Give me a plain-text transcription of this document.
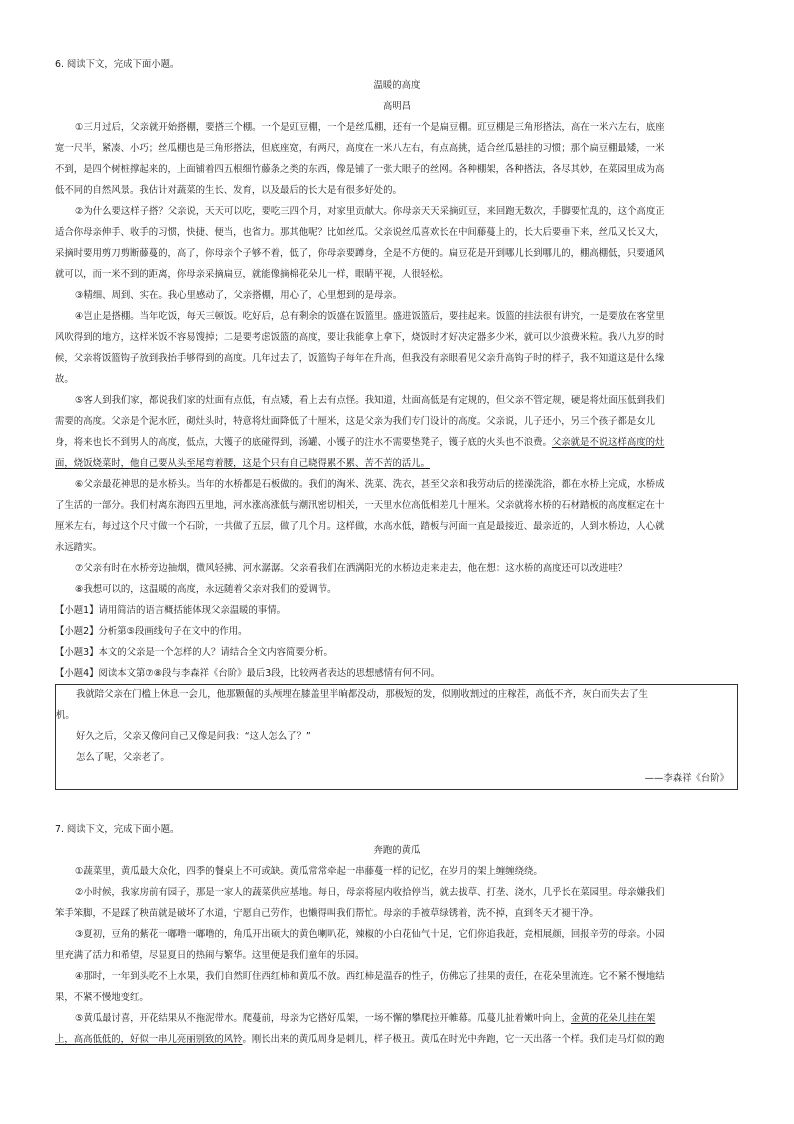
6. 阅读下文，完成下面小题。
温暖的高度
高明昌
①三月过后，父亲就开始搭棚，要搭三个棚。一个是豇豆棚，一个是丝瓜棚，还有一个是扁豆棚。豇豆棚是三角形搭法，高在一米六左右，底座
宽一尺半，紧凑、小巧；丝瓜棚也是三角形搭法，但底座宽，有两尺，高度在一米八左右，有点高挑，适合丝瓜悬挂的习惯；那个扁豆棚最矮，一米
不到，是四个树桩撑起来的，上面铺着四五根细竹藤条之类的东西，像是铺了一张大眼子的丝网。各种棚架，各种搭法，各尽其妙，在菜园里成为高
低不同的自然风景。我估计对蔬菜的生长、发育，以及最后的长大是有很多好处的。
②为什么要这样子搭？父亲说，天天可以吃，要吃三四个月，对家里贡献大。你母亲天天采摘豇豆，来回跑无数次，手脚要忙乱的，这个高度正
适合你母亲伸手、收手的习惯，快捷、便当，也省力。那其他呢？比如丝瓜。父亲说丝瓜喜欢长在中间藤蔓上的，长大后要垂下来，丝瓜又长又大，
采摘时要用剪刀剪断藤蔓的，高了，你母亲个子够不着，低了，你母亲要蹲身，全是不方便的。扁豆花是开到哪儿长到哪儿的，棚高棚低，只要通风
就可以，而一米不到的距离，你母亲采摘扁豆，就能像摘棉花朵儿一样，眼睛平视，人很轻松。
③精细、周到、实在。我心里感动了，父亲搭棚，用心了，心里想到的是母亲。
④岂止是搭棚。当年吃饭，每天三顿饭。吃好后，总有剩余的饭盛在饭篮里。盛进饭篮后，要挂起来。饭篮的挂法很有讲究，一是要放在客堂里
风吹得到的地方，这样米饭不容易馊掉；二是要考虑饭篮的高度，要让我能拿上拿下，烧饭时才好决定器多少米，就可以少浪费米粒。我八九岁的时
候，父亲将饭篮钩子放到我抬手够得到的高度。几年过去了，饭篮钩子每年在升高，但我没有亲眼看见父亲升高钩子时的样子，我不知道这是什么缘
故。
⑤客人到我们家，都说我们家的灶面有点低，有点矮，看上去有点怪。我知道，灶面高低是有定规的，但父亲不管定规，硬是将灶面压低到我们
需要的高度。父亲是个泥水匠，砌灶头时，特意将灶面降低了十厘米，这是父亲为我们专门设计的高度。父亲说，儿子还小，另三个孩子都是女儿
身，将来也长不到男人的高度，低点，大镬子的底碰得到，汤罐、小镬子的注水不需要垫凳子，镬子底的火头也不浪费。父亲就是不说这样高度的灶
面，烧饭烧菜时，他自己要从头至尾弯着腰，这是个只有自己晓得累不累、苦不苦的活儿。
⑥父亲最花神思的是水桥头。当年的水桥都是石板做的。我们的淘米、洗菜、洗衣，甚至父亲和我劳动后的搓澡洗浴，都在水桥上完成，水桥成
了生活的一部分。我们村离东海四五里地，河水涨高涨低与潮汛密切相关，一天里水位高低相差几十厘米。父亲就将水桥的石材踏板的高度框定在十
厘米左右，每过这个尺寸做一个石阶，一共做了五层，做了几个月。这样做，水高水低，踏板与河面一直是最接近、最亲近的，人到水桥边，人心就
永远踏实。
⑦父亲有时在水桥旁边抽烟，微风轻拂、河水潺潺。父亲看我们在洒满阳光的水桥边走来走去，他在想：这水桥的高度还可以改进哇？
⑧我想可以的，这温暖的高度，永远随着父亲对我们的爱调节。
【小题1】请用简洁的语言概括能体现父亲温暖的事情。
【小题2】分析第⑤段画线句子在文中的作用。
【小题3】本文的父亲是一个怎样的人？请结合全文内容简要分析。
【小题4】阅读本文第⑦⑧段与李森祥《台阶》最后3段，比较两者表达的思想感情有何不同。
我就陪父亲在门槛上休息一会儿，他那颗倔的头颅埋在膝盖里半晌都没动，那极短的发，似刚收割过的庄稼茬，高低不齐，灰白而失去了生
机。
好久之后，父亲又像问自己又像是问我：“这人怎么了？”
怎么了呢，父亲老了。
——李森祥《台阶》
7. 阅读下文，完成下面小题。
奔跑的黄瓜
①蔬菜里，黄瓜最大众化，四季的餐桌上不可或缺。黄瓜常常牵起一串藤蔓一样的记忆，在岁月的架上缠缠绕绕。
②小时候，我家房前有园子，那是一家人的蔬菜供应基地。每日，母亲将屋内收拾停当，就去拔草、打垄、浇水，几乎长在菜园里。母亲嫌我们
笨手笨脚，不是踩了秧苗就是破坏了水道，宁愿自己劳作，也懒得叫我们帮忙。母亲的手被草绿锈着，洗不掉，直到冬天才褪干净。
③夏初，豆角的紫花一嘟噜一嘟噜的，角瓜开出硕大的黄色喇叭花，辣椒的小白花仙气十足，它们你追我赶，竞相展颜，回报辛劳的母亲。小园
里充满了活力和希望，尽显夏日的热闹与繁华。这里便是我们童年的乐园。
④那时，一年到头吃不上水果，我们自然盯住西红柿和黄瓜不放。西红柿是温吞的性子，仿佛忘了挂果的责任，在花朵里流连。它不紧不慢地结
果，不紧不慢地变红。
⑤黄瓜最讨喜，开花结果从不拖泥带水。爬蔓前，母亲为它搭好瓜架，一场不懈的攀爬拉开帷幕。瓜蔓儿扯着嫩叶向上，金黄的花朵儿挂在架
上，高高低低的，好似一串儿亮丽别致的风铃。刚长出来的黄瓜周身是刺儿，样子极丑。黄瓜在时光中奔跑，它一天出落一个样。我们走马灯似的跑
